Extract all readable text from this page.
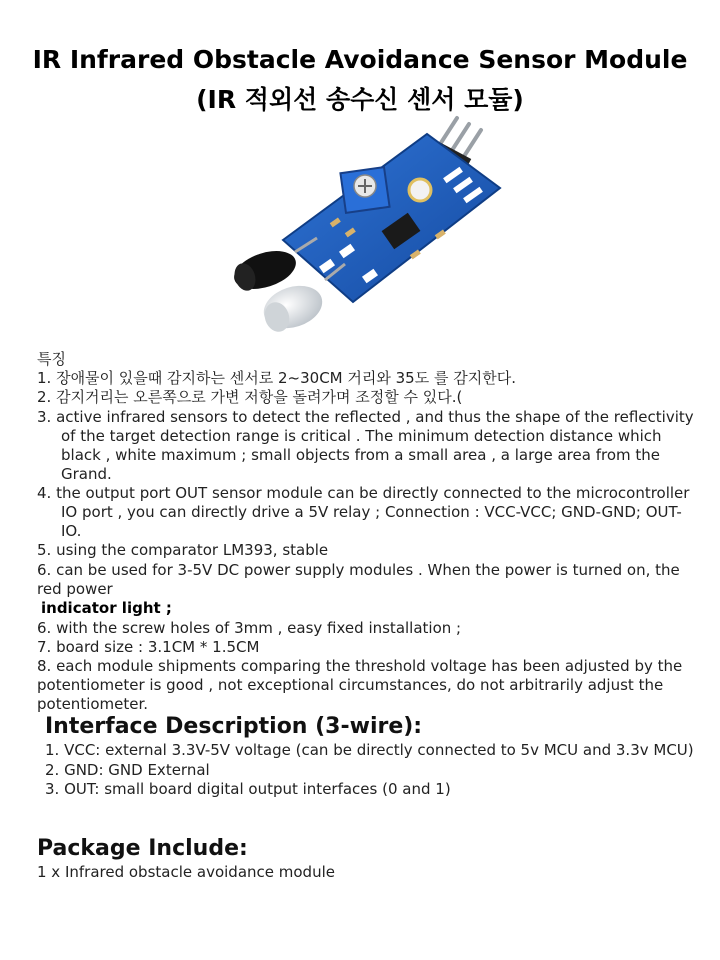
IR Infrared Obstacle Avoidance Sensor Module
(IR 적외선 송수신 센서 모듈)
특징
1. 장애물이 있을때 감지하는 센서로 2~30CM 거리와 35도 를 감지한다.
2. 감지거리는 오른쪽으로 가변 저항을 돌려가며 조정할 수 있다.(
3. active infrared sensors to detect the reflected , and thus the shape of the reflectivity
of the target detection range is critical . The minimum detection distance which
black , white maximum ; small objects from a small area , a large area from the
Grand.
4. the output port OUT sensor module can be directly connected to the microcontroller
IO port , you can directly drive a 5V relay ; Connection : VCC-VCC; GND-GND; OUT-
IO.
5. using the comparator LM393, stable
6. can be used for 3-5V DC power supply modules . When the power is turned on, the
red power
indicator light ;
6. with the screw holes of 3mm , easy fixed installation ;
7. board size : 3.1CM * 1.5CM
8. each module shipments comparing the threshold voltage has been adjusted by the
potentiometer is good , not exceptional circumstances, do not arbitrarily adjust the
potentiometer.
Interface Description (3-wire):
1. VCC: external 3.3V-5V voltage (can be directly connected to 5v MCU and 3.3v MCU)
2. GND: GND External
3. OUT: small board digital output interfaces (0 and 1)
Package Include:
1 x Infrared obstacle avoidance module
